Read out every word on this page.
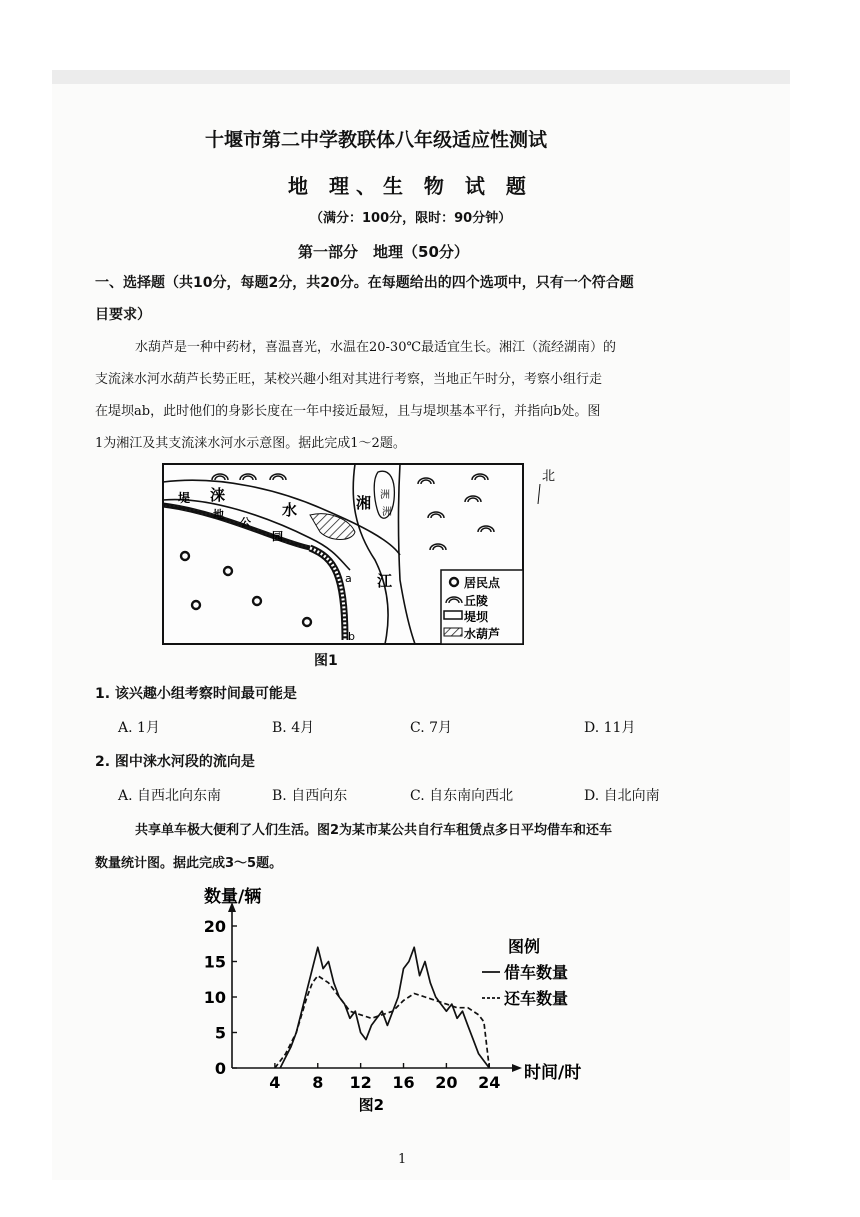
十堰市第二中学教联体八年级适应性测试
地 理、生 物 试 题
（满分：100分，限时：90分钟）
第一部分　地理（50分）
一、选择题（共10分，每题2分，共20分。在每题给出的四个选项中，只有一个符合题
目要求）
水葫芦是一种中药材，喜温喜光，水温在20-30℃最适宜生长。湘江（流经湖南）的
支流涞水河水葫芦长势正旺，某校兴趣小组对其进行考察，当地正午时分，考察小组行走
在堤坝ab，此时他们的身影长度在一年中接近最短，且与堤坝基本平行，并指向b处。图
1为湘江及其支流涞水河水示意图。据此完成1～2题。
堤 涞
地
公
园
水	湘 洲
洲
江
a
b
北
居民点
丘陵
堤坝
水葫芦
图1
1. 该兴趣小组考察时间最可能是
A. 1月	B. 4月	C. 7月	D. 11月
2. 图中涞水河段的流向是
A. 自西北向东南	B. 自西向东	C. 自东南向西北	D. 自北向南
共享单车极大便利了人们生活。图2为某市某公共自行车租赁点多日平均借车和还车
数量统计图。据此完成3～5题。
0
5
10
15
20
4 8 12 16 20 24
数量/辆
时间/时
图2
图例
借车数量
还车数量
1
